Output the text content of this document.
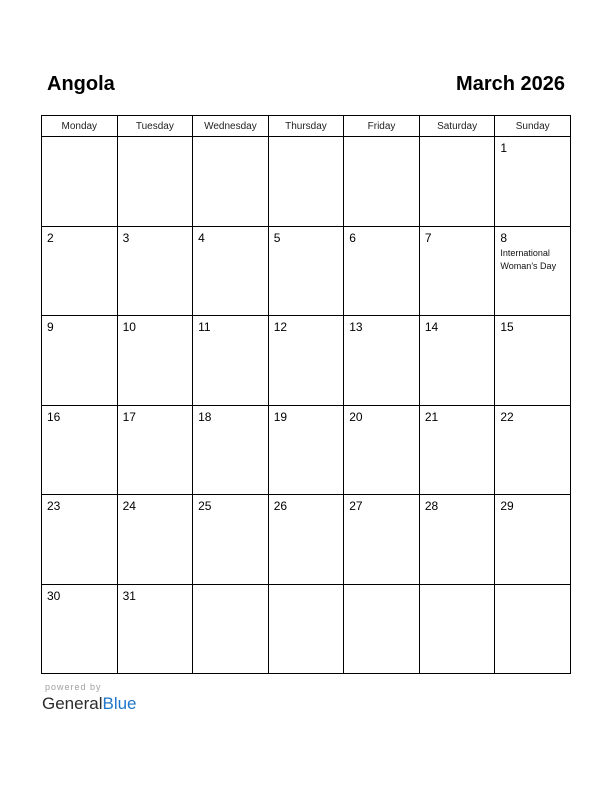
Angola	March 2026
Monday	Tuesday	Wednesday	Thursday	Friday	Saturday	Sunday

						1

2	3	4	5	6	7	8
International Woman’s Day

9	10	11	12	13	14	15

16	17	18	19	20	21	22

23	24	25	26	27	28	29

30	31					

powered by
GeneralBlue
